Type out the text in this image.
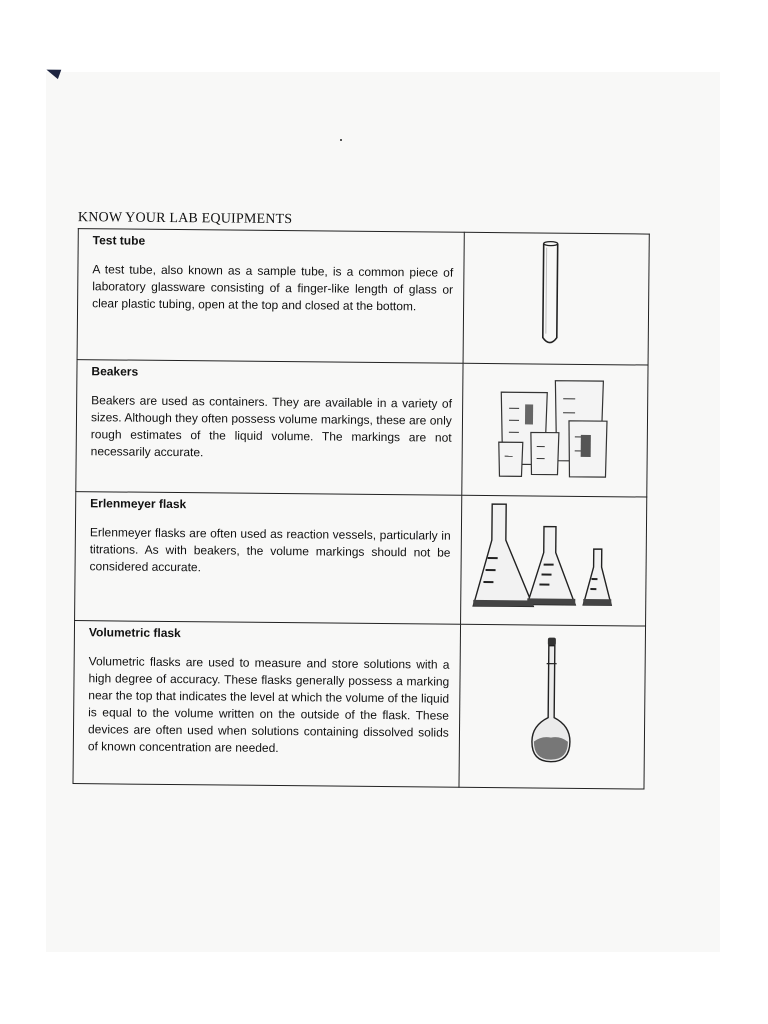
KNOW YOUR LAB EQUIPMENTS
Test tube
A test tube, also known as a sample tube, is a common piece of laboratory glassware consisting of a finger-like length of glass or clear plastic tubing, open at the top and closed at the bottom.

Beakers
Beakers are used as containers. They are available in a variety of sizes. Although they often possess volume markings, these are only rough estimates of the liquid volume. The markings are not necessarily accurate.

Erlenmeyer flask
Erlenmeyer flasks are often used as reaction vessels, particularly in titrations. As with beakers, the volume markings should not be considered accurate.

Volumetric flask
Volumetric flasks are used to measure and store solutions with a high degree of accuracy. These flasks generally possess a marking near the top that indicates the level at which the volume of the liquid is equal to the volume written on the outside of the flask. These devices are often used when solutions containing dissolved solids of known concentration are needed.
